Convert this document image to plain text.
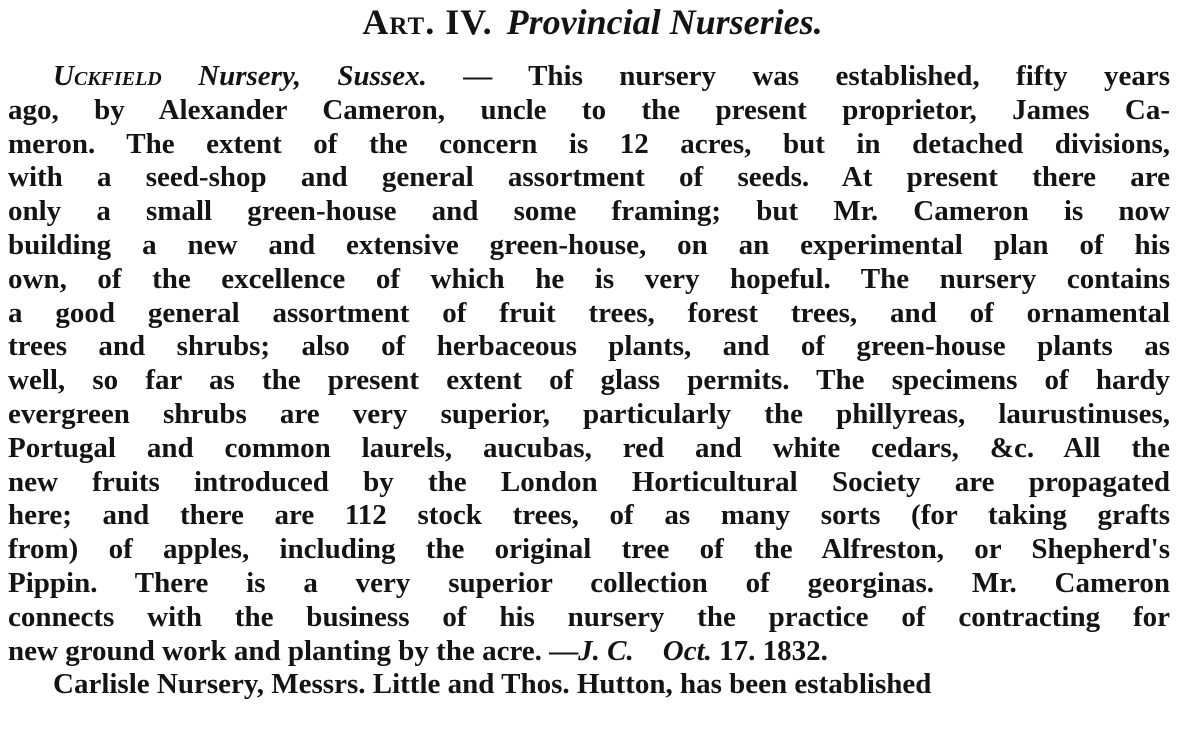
Art. IV. Provincial Nurseries.
Uckfield Nursery, Sussex. — This nursery was established, fifty years
ago, by Alexander Cameron, uncle to the present proprietor, James Ca-
meron. The extent of the concern is 12 acres, but in detached divisions,
with a seed-shop and general assortment of seeds. At present there are
only a small green-house and some framing; but Mr. Cameron is now
building a new and extensive green-house, on an experimental plan of his
own, of the excellence of which he is very hopeful. The nursery contains
a good general assortment of fruit trees, forest trees, and of ornamental
trees and shrubs; also of herbaceous plants, and of green-house plants as
well, so far as the present extent of glass permits. The specimens of hardy
evergreen shrubs are very superior, particularly the phillyreas, laurustinuses,
Portugal and common laurels, aucubas, red and white cedars, &c. All the
new fruits introduced by the London Horticultural Society are propagated
here; and there are 112 stock trees, of as many sorts (for taking grafts
from) of apples, including the original tree of the Alfreston, or Shepherd's
Pippin. There is a very superior collection of georginas. Mr. Cameron
connects with the business of his nursery the practice of contracting for
new ground work and planting by the acre. —J. C. Oct. 17. 1832.
Carlisle Nursery, Messrs. Little and Thos. Hutton, has been established
